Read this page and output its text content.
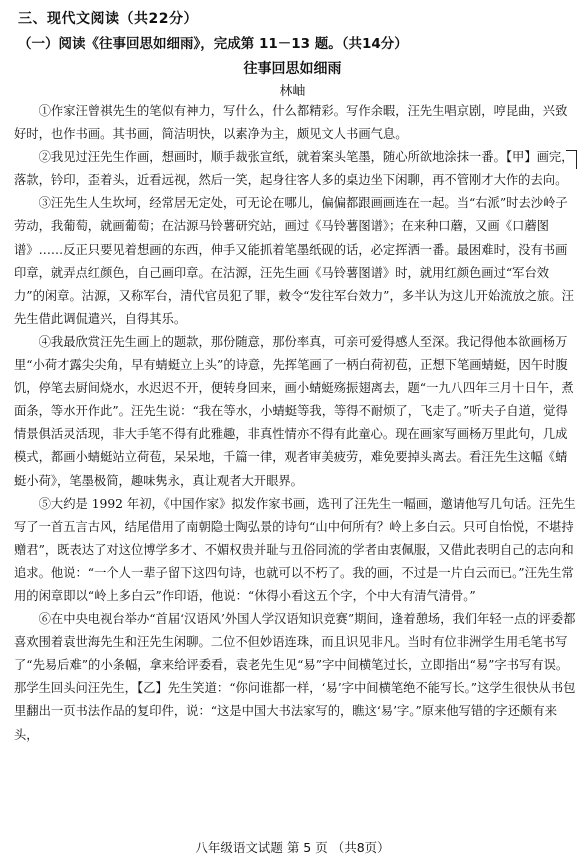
三、现代文阅读（共22分）
（一）阅读《往事回思如细雨》，完成第 11－13 题。（共14分）
往事回思如细雨
林岫

①作家汪曾祺先生的笔似有神力，写什么，什么都精彩。写作余暇，汪先生唱京剧，哼昆曲，兴致好时，也作书画。其书画，简洁明快，以素净为主，颇见文人书画气息。

②我见过汪先生作画，想画时，顺手裁张宣纸，就着案头笔墨，随心所欲地涂抹一番。【甲】画完，落款，钤印，歪着头，近看远视，然后一笑，起身往客人多的桌边坐下闲聊，再不管刚才大作的去向。

③汪先生人生坎坷，经常居无定处，可无论在哪儿，偏偏都跟画画连在一起。当“右派”时去沙岭子劳动，我葡萄，就画葡萄；在沽源马铃薯研究站，画过《马铃薯图谱》；在来种口蘑，又画《口蘑图谱》……反正只要见着想画的东西，伸手又能抓着笔墨纸砚的话，必定挥洒一番。最困难时，没有书画印章，就弄点红颜色，自己画印章。在沽源，汪先生画《马铃薯图谱》时，就用红颜色画过“军台效力”的闲章。沽源，又称军台，清代官员犯了罪，敕令“发往军台效力”，多半认为这儿开始流放之旅。汪先生借此调侃遣兴，自得其乐。

④我最欣赏汪先生画上的题款，那份随意，那份率真，可亲可爱得感人至深。我记得他本欲画杨万里“小荷才露尖尖角，早有蜻蜓立上头”的诗意，先挥笔画了一柄白荷初苞，正想下笔画蜻蜓，因午时腹饥，停笔去厨间烧水，水迟迟不开，便转身回来，画小蜻蜓殇振翅离去，题“一九八四年三月十日午，煮面条，等水开作此”。汪先生说：“我在等水，小蜻蜓等我，等得不耐烦了，飞走了。”听夫子自道，觉得情景俱活灵活现，非大手笔不得有此雅趣，非真性情亦不得有此童心。现在画家写画杨万里此句，几成模式，都画小蜻蜓站立荷苞，呆呆地，千篇一律，观者审美疲劳，难免要掉头离去。看汪先生这幅《蜻蜓小荷》，笔墨极简，趣味隽永，真让观者大开眼界。

⑤大约是 1992 年初，《中国作家》拟发作家书画，选刊了汪先生一幅画，邀请他写几句话。汪先生写了一首五言古风，结尾借用了南朝隐士陶弘景的诗句“山中何所有？岭上多白云。只可自怡悦，不堪持赠君”，既表达了对这位博学多才、不媚权贵并耻与丑俗同流的学者由衷佩服，又借此表明自己的志向和追求。他说：“一个人一辈子留下这四句诗，也就可以不朽了。我的画，不过是一片白云而已。”汪先生常用的闲章即以“岭上多白云”作印语，他说：“休得小看这五个字，个中大有清气清骨。”

⑥在中央电视台举办“首届‘汉语风’外国人学汉语知识竞赛”期间，逢着憩场，我们年轻一点的评委都喜欢围着袁世海先生和汪先生闲聊。二位不但妙语连珠，而且识见非凡。当时有位非洲学生用毛笔书写了“先易后难”的小条幅，拿来给评委看，袁老先生见“易”字中间横笔过长，立即指出“易”字书写有误。那学生回头问汪先生，【乙】先生笑道：“你问谁都一样，‘易’字中间横笔绝不能写长。”这学生很快从书包里翻出一页书法作品的复印件，说：“这是中国大书法家写的，瞧这‘易’字。”原来他写错的字还颇有来头，

八年级语文试题 第 5 页 （共8页）
